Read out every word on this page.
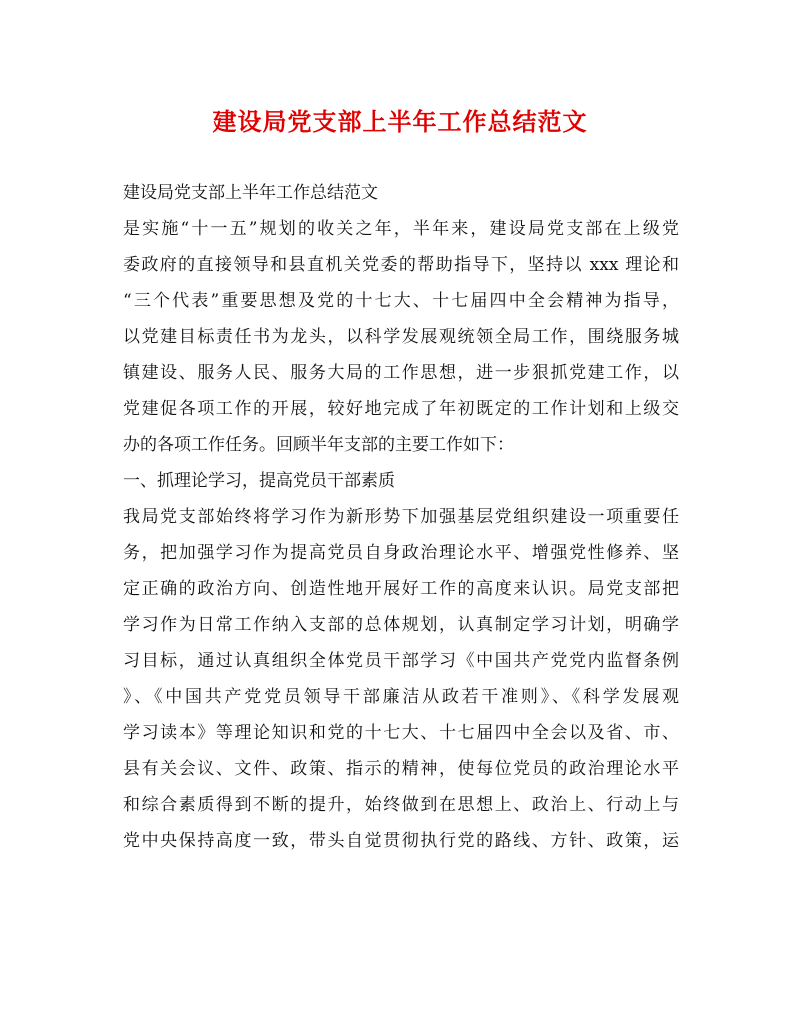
建设局党支部上半年工作总结范文
建设局党支部上半年工作总结范文
是实施“十一五”规划的收关之年，半年来，建设局党支部在上级党
委政府的直接领导和县直机关党委的帮助指导下，坚持以 xxx 理论和
“三个代表”重要思想及党的十七大、十七届四中全会精神为指导，
以党建目标责任书为龙头，以科学发展观统领全局工作，围绕服务城
镇建设、服务人民、服务大局的工作思想，进一步狠抓党建工作，以
党建促各项工作的开展，较好地完成了年初既定的工作计划和上级交
办的各项工作任务。回顾半年支部的主要工作如下：
一、抓理论学习，提高党员干部素质
我局党支部始终将学习作为新形势下加强基层党组织建设一项重要任
务，把加强学习作为提高党员自身政治理论水平、增强党性修养、坚
定正确的政治方向、创造性地开展好工作的高度来认识。局党支部把
学习作为日常工作纳入支部的总体规划，认真制定学习计划，明确学
习目标，通过认真组织全体党员干部学习《中国共产党党内监督条例
》、《中国共产党党员领导干部廉洁从政若干准则》、《科学发展观
学习读本》等理论知识和党的十七大、十七届四中全会以及省、市、
县有关会议、文件、政策、指示的精神，使每位党员的政治理论水平
和综合素质得到不断的提升，始终做到在思想上、政治上、行动上与
党中央保持高度一致，带头自觉贯彻执行党的路线、方针、政策，运
